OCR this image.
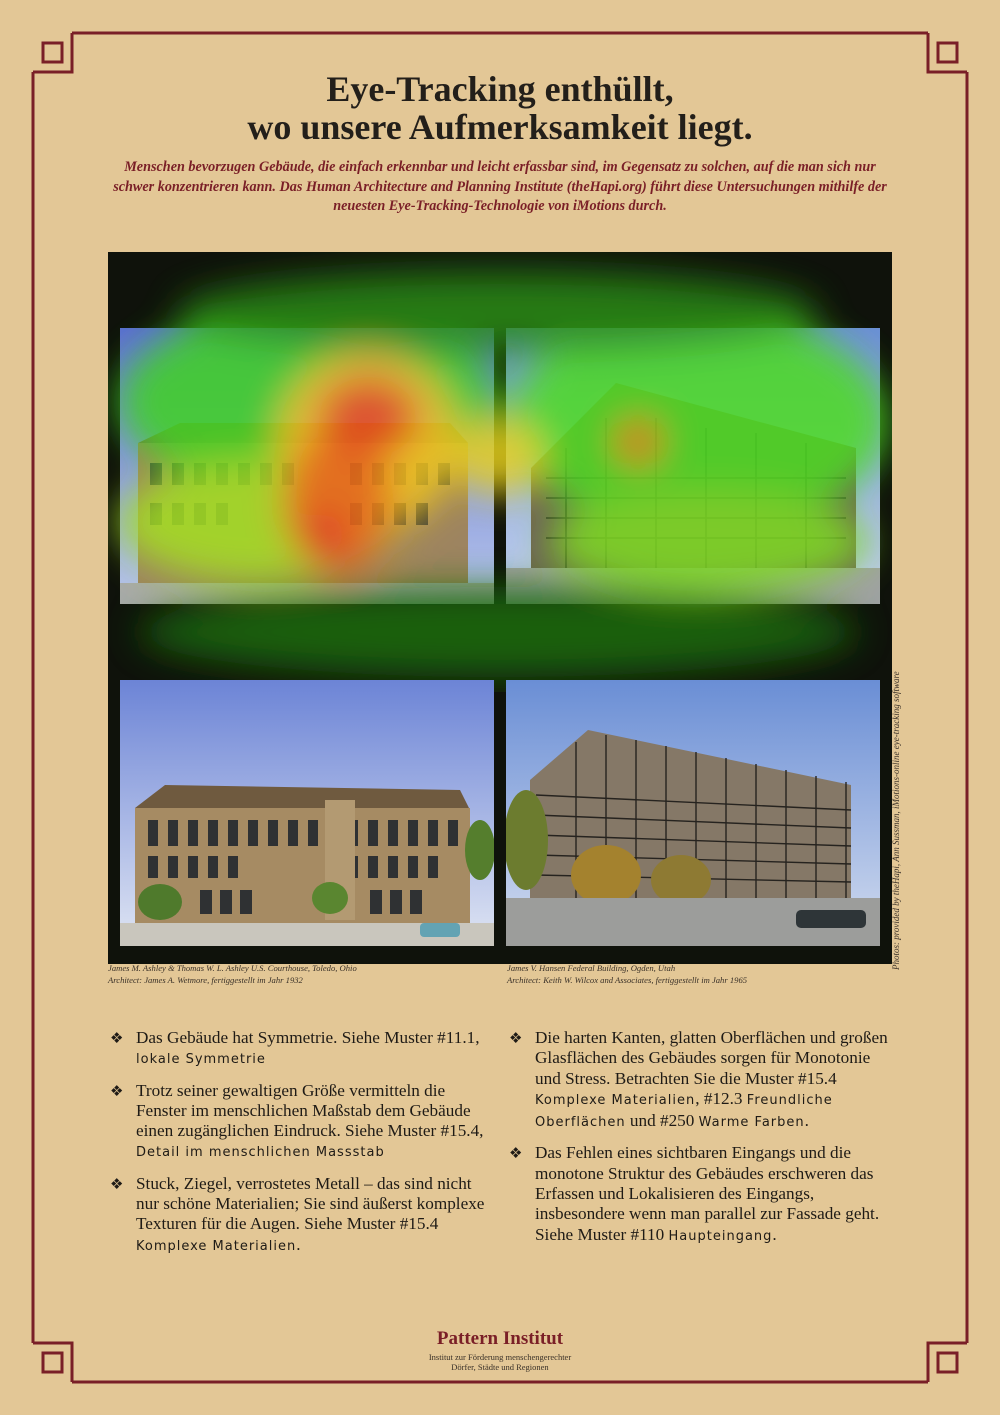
Eye-Tracking enthüllt,
wo unsere Aufmerksamkeit liegt.

Menschen bevorzugen Gebäude, die einfach erkennbar und leicht erfassbar sind, im Gegensatz zu solchen, auf die man sich nur schwer konzentrieren kann. Das Human Architecture and Planning Institute (theHapi.org) führt diese Untersuchungen mithilfe der neuesten Eye-Tracking-Technologie von iMotions durch.

Photos: provided by theHapi, Ann Sussman, iMotions-online eye-tracking software

James M. Ashley & Thomas W. L. Ashley U.S. Courthouse, Toledo, Ohio
Architect: James A. Wetmore, fertiggestellt im Jahr 1932

James V. Hansen Federal Building, Ogden, Utah
Architect: Keith W. Wilcox and Associates, fertiggestellt im Jahr 1965

❖ Das Gebäude hat Symmetrie. Siehe Muster #11.1, lokale Symmetrie
❖ Trotz seiner gewaltigen Größe vermitteln die Fenster im menschlichen Maßstab dem Gebäude einen zugänglichen Eindruck. Siehe Muster #15.4, Detail im menschlichen Massstab
❖ Stuck, Ziegel, verrostetes Metall – das sind nicht nur schöne Materialien; Sie sind äußerst komplexe Texturen für die Augen. Siehe Muster #15.4 Komplexe Materialien.
❖ Die harten Kanten, glatten Oberflächen und großen Glasflächen des Gebäudes sorgen für Monotonie und Stress. Betrachten Sie die Muster #15.4 Komplexe Materialien, #12.3 Freundliche Oberflächen und #250 Warme Farben.
❖ Das Fehlen eines sichtbaren Eingangs und die monotone Struktur des Gebäudes erschweren das Erfassen und Lokalisieren des Eingangs, insbesondere wenn man parallel zur Fassade geht. Siehe Muster #110 Haupteingang.

Pattern Institut

Institut zur Förderung menschengerechter
Dörfer, Städte und Regionen
